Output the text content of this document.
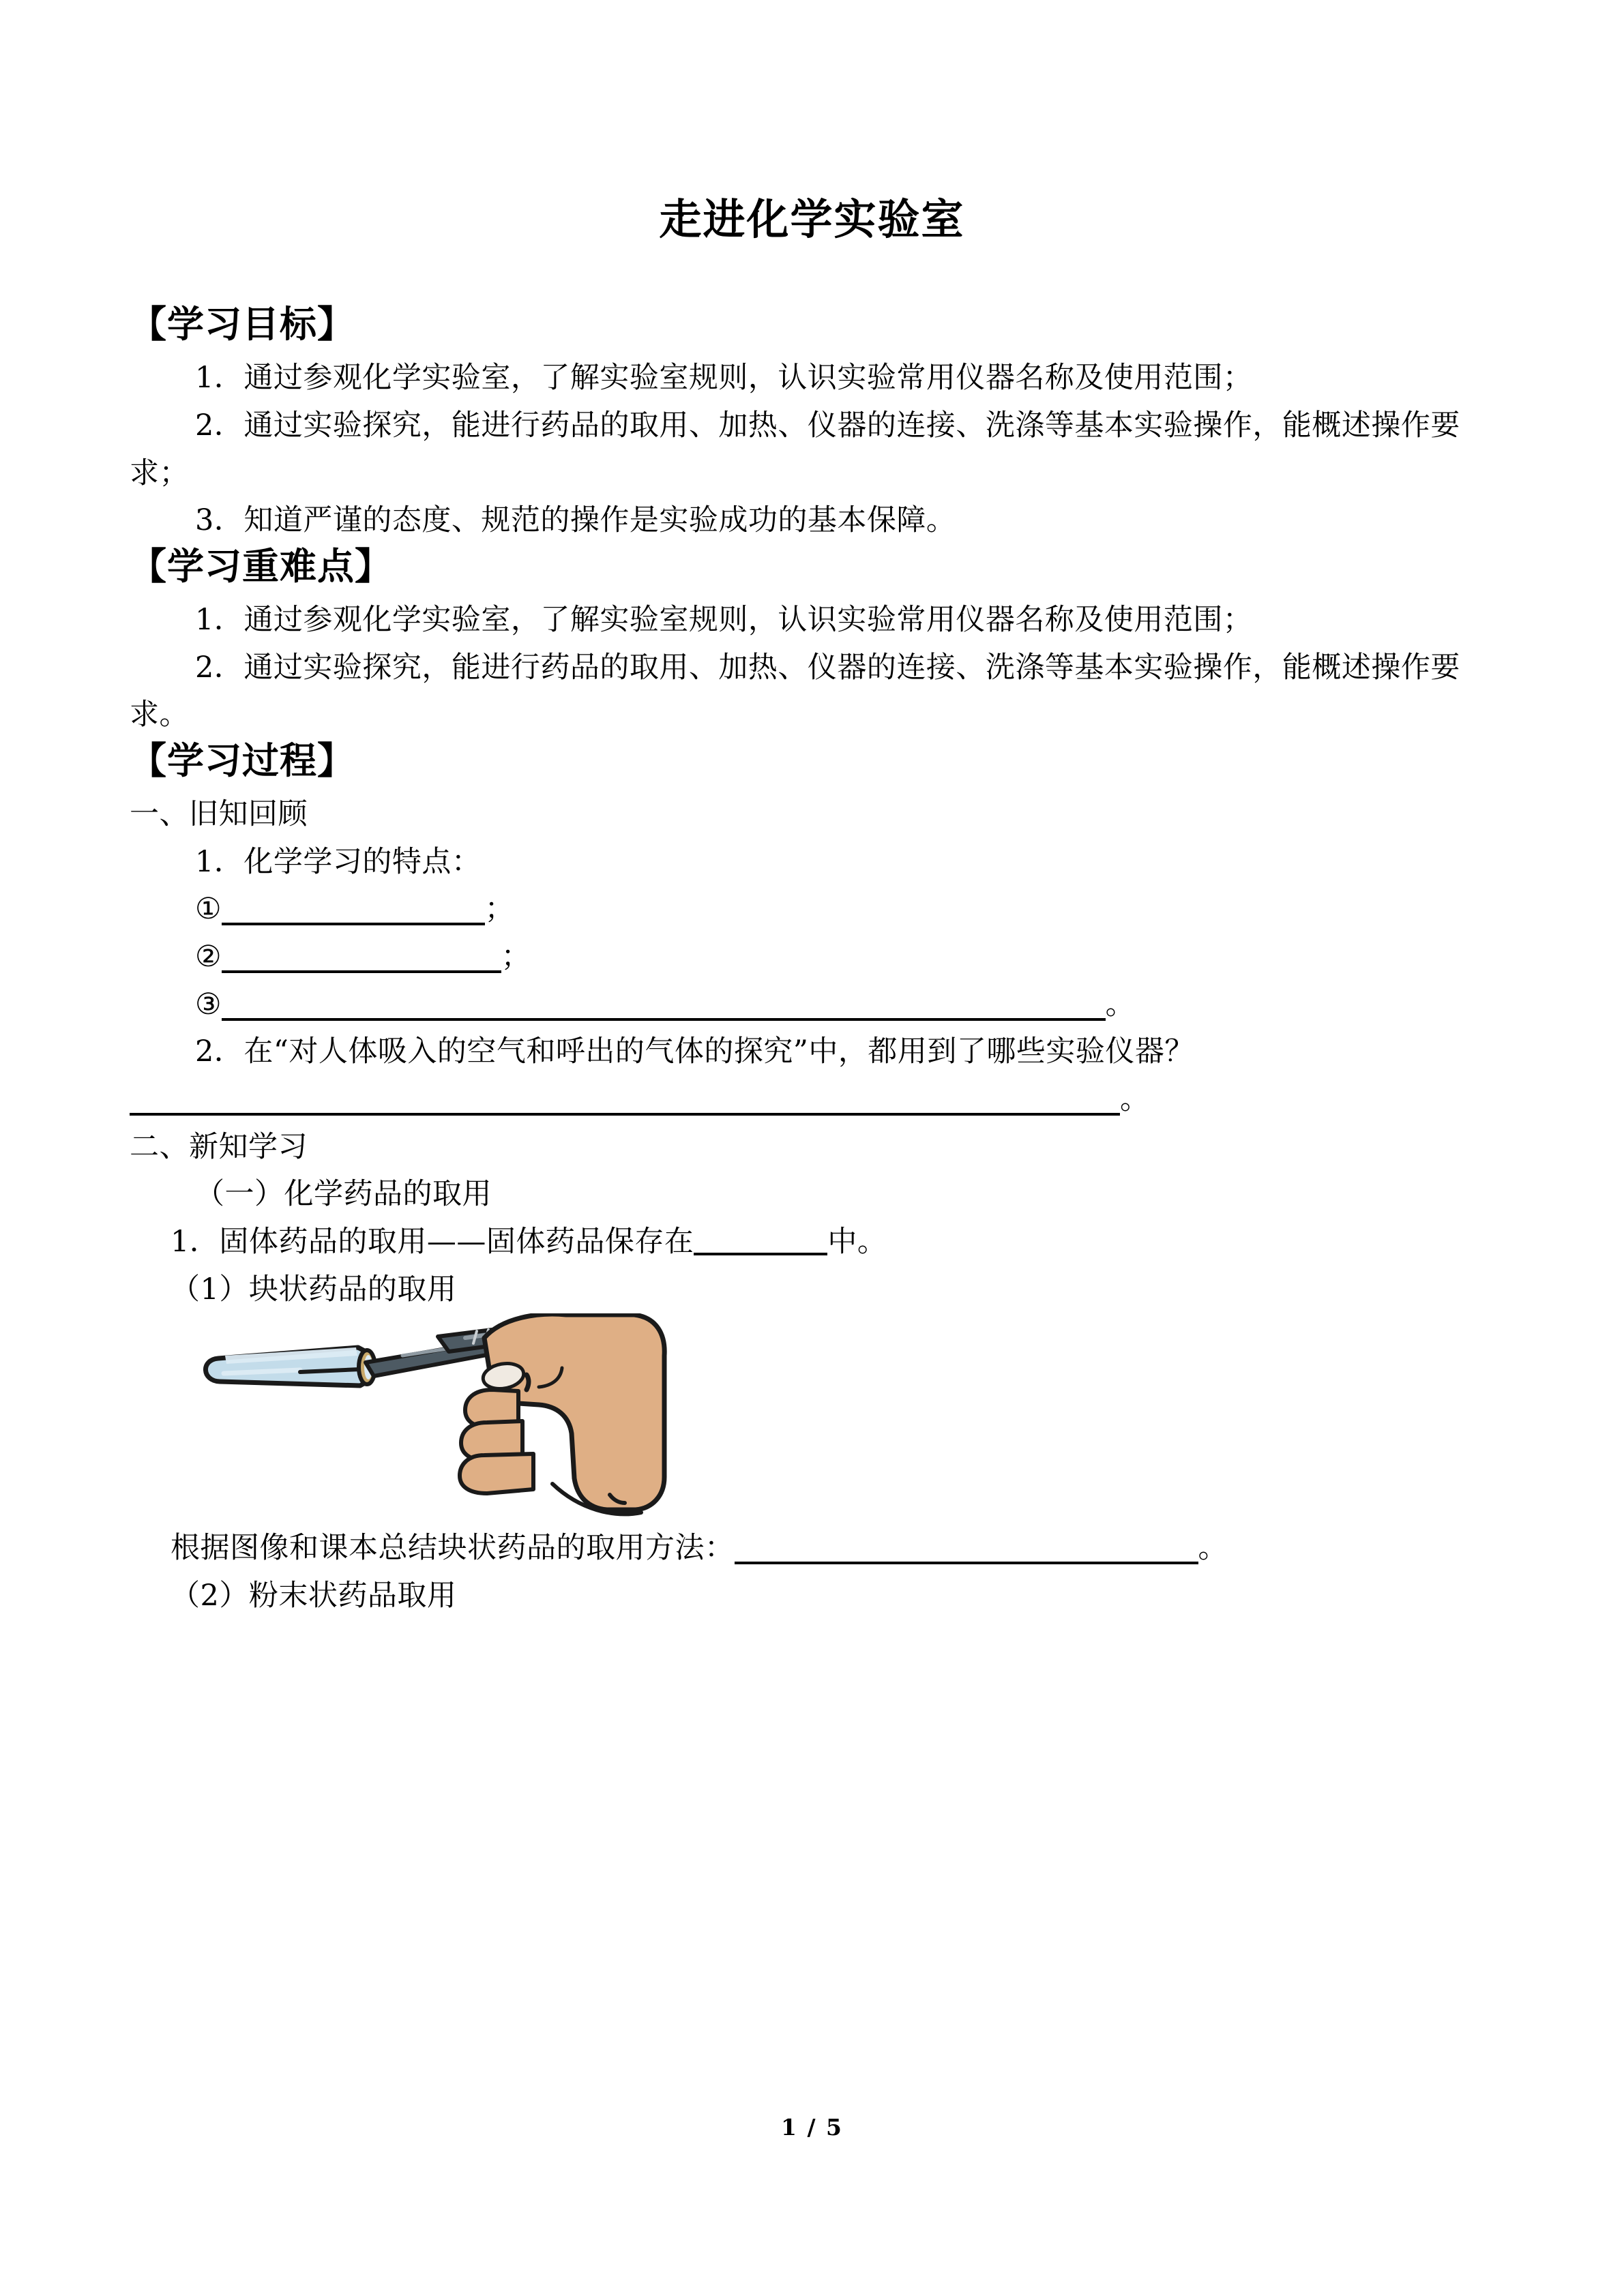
走进化学实验室
【学习目标】
1．通过参观化学实验室，了解实验室规则，认识实验常用仪器名称及使用范围；
2．通过实验探究，能进行药品的取用、加热、仪器的连接、洗涤等基本实验操作，能概述操作要求；
3．知道严谨的态度、规范的操作是实验成功的基本保障。
【学习重难点】
1．通过参观化学实验室，了解实验室规则，认识实验常用仪器名称及使用范围；
2．通过实验探究，能进行药品的取用、加热、仪器的连接、洗涤等基本实验操作，能概述操作要求。
【学习过程】
一、旧知回顾
1．化学学习的特点：
①	；
②	；
③	。
2．在“对人体吸入的空气和呼出的气体的探究”中，都用到了哪些实验仪器？
。
二、新知学习
（一）化学药品的取用
1．固体药品的取用——固体药品保存在	中。
（1）块状药品的取用
根据图像和课本总结块状药品的取用方法：	。
（2）粉末状药品取用
1 / 5
